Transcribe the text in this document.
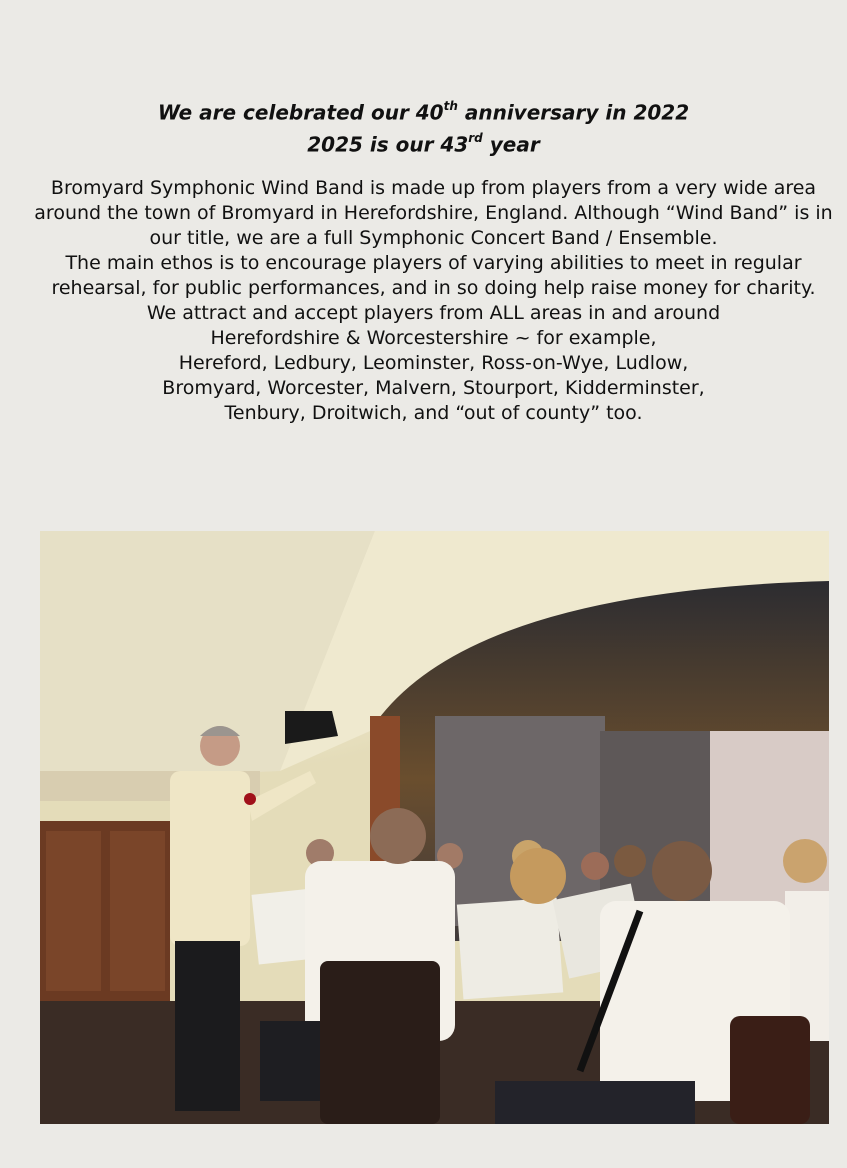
We are celebrated our 40th anniversary in 2022
2025 is our 43rd year

Bromyard Symphonic Wind Band is made up from players from a very wide area around the town of Bromyard in Herefordshire, England. Although “Wind Band” is in our title, we are a full Symphonic Concert Band / Ensemble.

The main ethos is to encourage players of varying abilities to meet in regular rehearsal, for public performances, and in so doing help raise money for charity.

We attract and accept players from ALL areas in and around

Herefordshire & Worcestershire ~ for example,

Hereford, Ledbury, Leominster, Ross-on-Wye, Ludlow,

Bromyard, Worcester, Malvern, Stourport, Kidderminster,

Tenbury, Droitwich, and “out of county” too.
